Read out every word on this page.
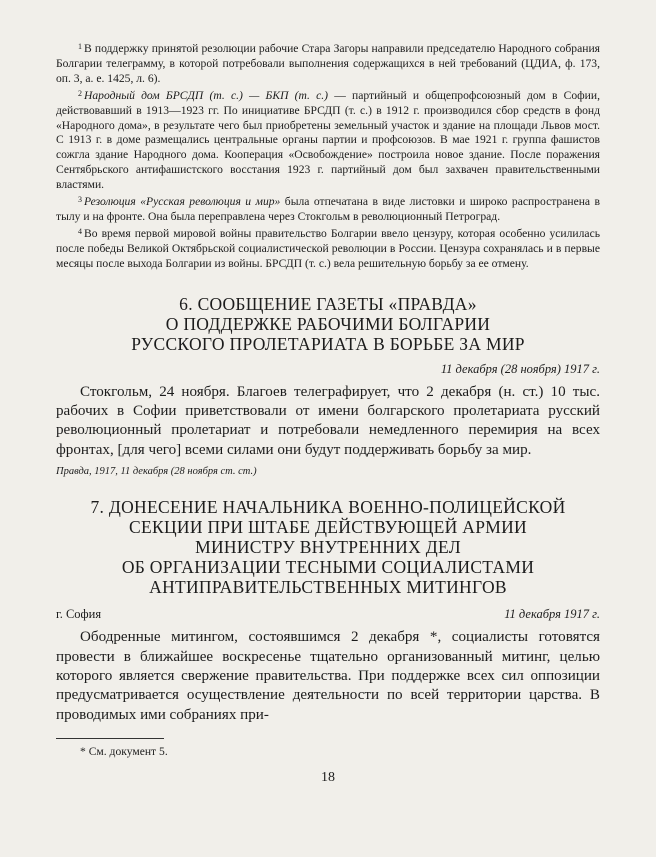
$^1$ В поддержку принятой резолюции рабочие Стара Загоры направили председателю Народного собрания Болгарии телеграмму, в которой потребовали выполнения содержащихся в ней требований (ЦДИА, ф. 173, оп. 3, а. е. 1425, л. 6).

$^2$ Народный дом БРСДП (т. с.) — БКП (т. с.) — партийный и общепрофсоюзный дом в Софии, действовавший в 1913—1923 гг. По инициативе БРСДП (т. с.) в 1912 г. производился сбор средств в фонд «Народного дома», в результате чего был приобретены земельный участок и здание на площади Львов мост. С 1913 г. в доме размещались центральные органы партии и профсоюзов. В мае 1921 г. группа фашистов сожгла здание Народного дома. Кооперация «Освобождение» построила новое здание. После поражения Сентябрьского антифашистского восстания 1923 г. партийный дом был захвачен правительственными властями.

$^3$ Резолюция «Русская революция и мир» была отпечатана в виде листовки и широко распространена в тылу и на фронте. Она была переправлена через Стокгольм в революционный Петроград.

$^4$ Во время первой мировой войны правительство Болгарии ввело цензуру, которая особенно усилилась после победы Великой Октябрьской социалистической революции в России. Цензура сохранялась и в первые месяцы после выхода Болгарии из войны. БРСДП (т. с.) вела решительную борьбу за ее отмену.

6. СООБЩЕНИЕ ГАЗЕТЫ «ПРАВДА»

О ПОДДЕРЖКЕ РАБОЧИМИ БОЛГАРИИ

РУССКОГО ПРОЛЕТАРИАТА В БОРЬБЕ ЗА МИР

11 декабря (28 ноября) 1917 г.

Стокгольм, 24 ноября. Благоев телеграфирует, что 2 декабря (н. ст.) 10 тыс. рабочих в Софии приветствовали от имени болгарского пролетариата русский революционный пролетариат и потребовали немедленного перемирия на всех фронтах, [для чего] всеми силами они будут поддерживать борьбу за мир.

Правда, 1917, 11 декабря (28 ноября ст. ст.)

7. ДОНЕСЕНИЕ НАЧАЛЬНИКА ВОЕННО-ПОЛИЦЕЙСКОЙ

СЕКЦИИ ПРИ ШТАБЕ ДЕЙСТВУЮЩЕЙ АРМИИ

МИНИСТРУ ВНУТРЕННИХ ДЕЛ

ОБ ОРГАНИЗАЦИИ ТЕСНЫМИ СОЦИАЛИСТАМИ

АНТИПРАВИТЕЛЬСТВЕННЫХ МИТИНГОВ

г. София	11 декабря 1917 г.

Ободренные митингом, состоявшимся 2 декабря *, социалисты готовятся провести в ближайшее воскресенье тщательно организованный митинг, целью которого является свержение правительства. При поддержке всех сил оппозиции предусматривается осуществление деятельности по всей территории царства. В проводимых ими собраниях при-

* См. документ 5.

18
